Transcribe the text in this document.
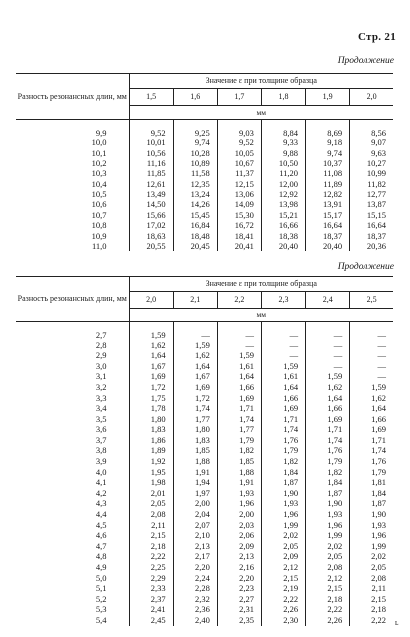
Стр. 21
Продолжение
Разность резонансных длин, мм	Значение ε при толщине образца					
	1,5	1,6	1,7	1,8	1,9	2,0
	мм					
9,9	9,52	9,25	9,03	8,84	8,69	8,56
10,0	10,01	9,74	9,52	9,33	9,18	9,07
10,1	10,56	10,28	10,05	9,88	9,74	9,63
10,2	11,16	10,89	10,67	10,50	10,37	10,27
10,3	11,85	11,58	11,37	11,20	11,08	10,99
10,4	12,61	12,35	12,15	12,00	11,89	11,82
10,5	13,49	13,24	13,06	12,92	12,82	12,77
10,6	14,50	14,26	14,09	13,98	13,91	13,87
10,7	15,66	15,45	15,30	15,21	15,17	15,15
10,8	17,02	16,84	16,72	16,66	16,64	16,64
10,9	18,63	18,48	18,41	18,38	18,37	18,37
11,0	20,55	20,45	20,41	20,40	20,40	20,36
Продолжение
Разность резонансных длин, мм	Значение ε при толщине образца					
	2,0	2,1	2,2	2,3	2,4	2,5
	мм					
2,7	1,59	—	—	—	—	—
2,8	1,62	1,59	—	—	—	—
2,9	1,64	1,62	1,59	—	—	—
3,0	1,67	1,64	1,61	1,59	—	—
3,1	1,69	1,67	1,64	1,61	1,59	—
3,2	1,72	1,69	1,66	1,64	1,62	1,59
3,3	1,75	1,72	1,69	1,66	1,64	1,62
3,4	1,78	1,74	1,71	1,69	1,66	1,64
3,5	1,80	1,77	1,74	1,71	1,69	1,66
3,6	1,83	1,80	1,77	1,74	1,71	1,69
3,7	1,86	1,83	1,79	1,76	1,74	1,71
3,8	1,89	1,85	1,82	1,79	1,76	1,74
3,9	1,92	1,88	1,85	1,82	1,79	1,76
4,0	1,95	1,91	1,88	1,84	1,82	1,79
4,1	1,98	1,94	1,91	1,87	1,84	1,81
4,2	2,01	1,97	1,93	1,90	1,87	1,84
4,3	2,05	2,00	1,96	1,93	1,90	1,87
4,4	2,08	2,04	2,00	1,96	1,93	1,90
4,5	2,11	2,07	2,03	1,99	1,96	1,93
4,6	2,15	2,10	2,06	2,02	1,99	1,96
4,7	2,18	2,13	2,09	2,05	2,02	1,99
4,8	2,22	2,17	2,13	2,09	2,05	2,02
4,9	2,25	2,20	2,16	2,12	2,08	2,05
5,0	2,29	2,24	2,20	2,15	2,12	2,08
5,1	2,33	2,28	2,23	2,19	2,15	2,11
5,2	2,37	2,32	2,27	2,22	2,18	2,15
5,3	2,41	2,36	2,31	2,26	2,22	2,18
5,4	2,45	2,40	2,35	2,30	2,26	2,22 ʟ
